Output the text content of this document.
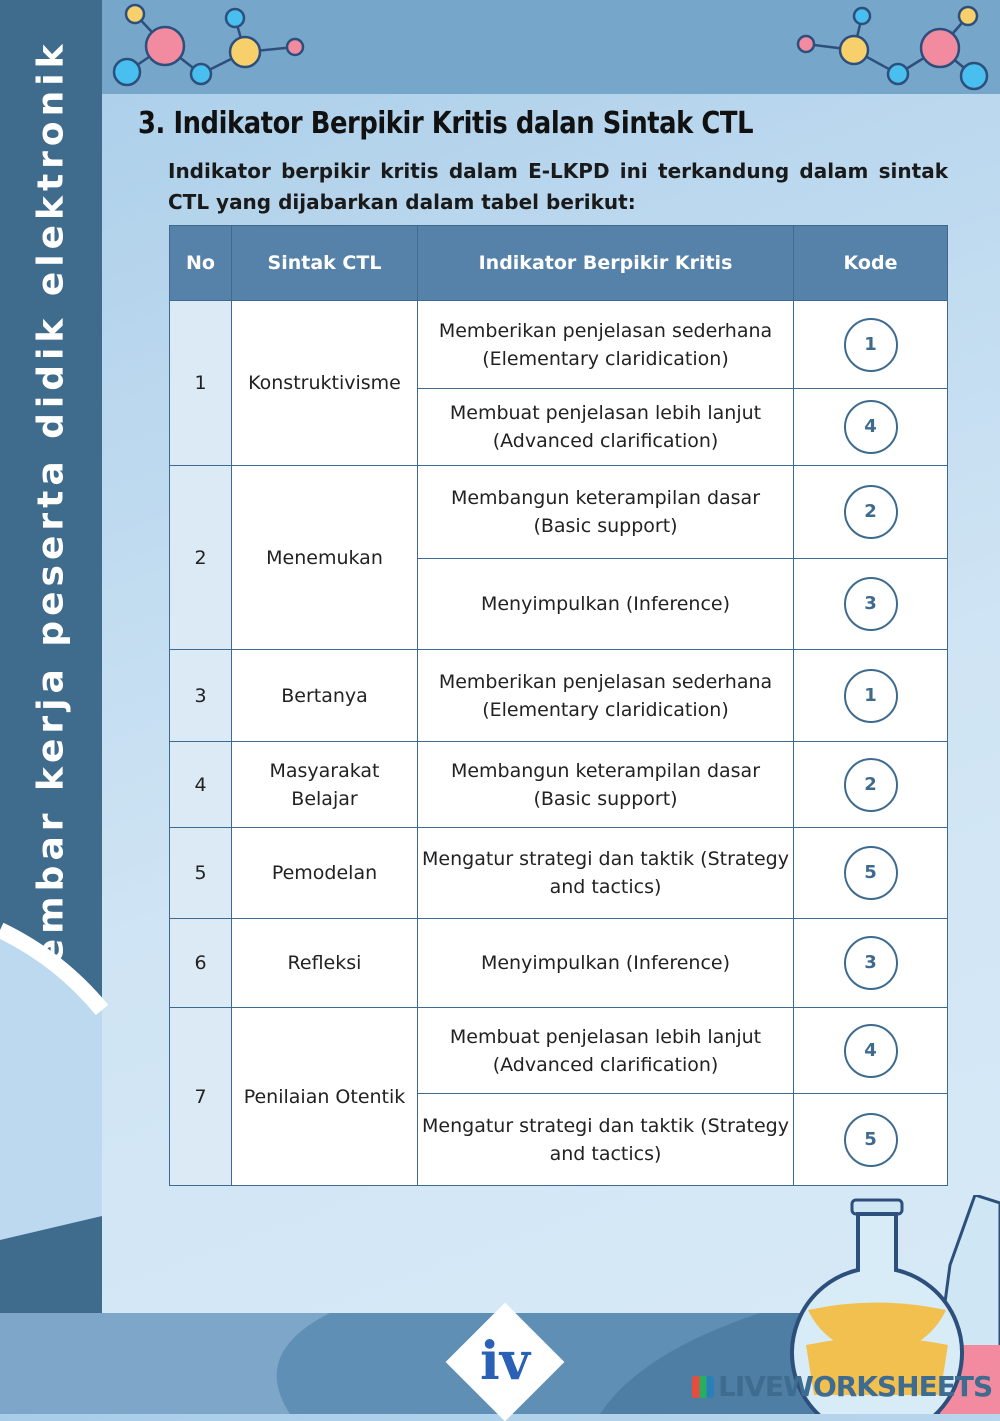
lembar kerja peserta didik elektronik 3. Indikator Berpikir Kritis dalan Sintak CTL

Indikator berpikir kritis dalam E-LKPD ini terkandung dalam sintak CTL yang dijabarkan dalam tabel berikut:

No	Sintak CTL	Indikator Berpikir Kritis	Kode
1	Konstruktivisme	Memberikan penjelasan sederhana (Elementary claridication)	1
		Membuat penjelasan lebih lanjut (Advanced clarification)	4
2	Menemukan	Membangun keterampilan dasar (Basic support)	2
		Menyimpulkan (Inference)	3
3	Bertanya	Memberikan penjelasan sederhana (Elementary claridication)	1
4	Masyarakat Belajar	Membangun keterampilan dasar (Basic support)	2
5	Pemodelan	Mengatur strategi dan taktik (Strategy and tactics)	5
6	Refleksi	Menyimpulkan (Inference)	3
7	Penilaian Otentik	Membuat penjelasan lebih lanjut (Advanced clarification)	4
		Mengatur strategi dan taktik (Strategy and tactics)	5
iv	LIVEWORKSHEETS
